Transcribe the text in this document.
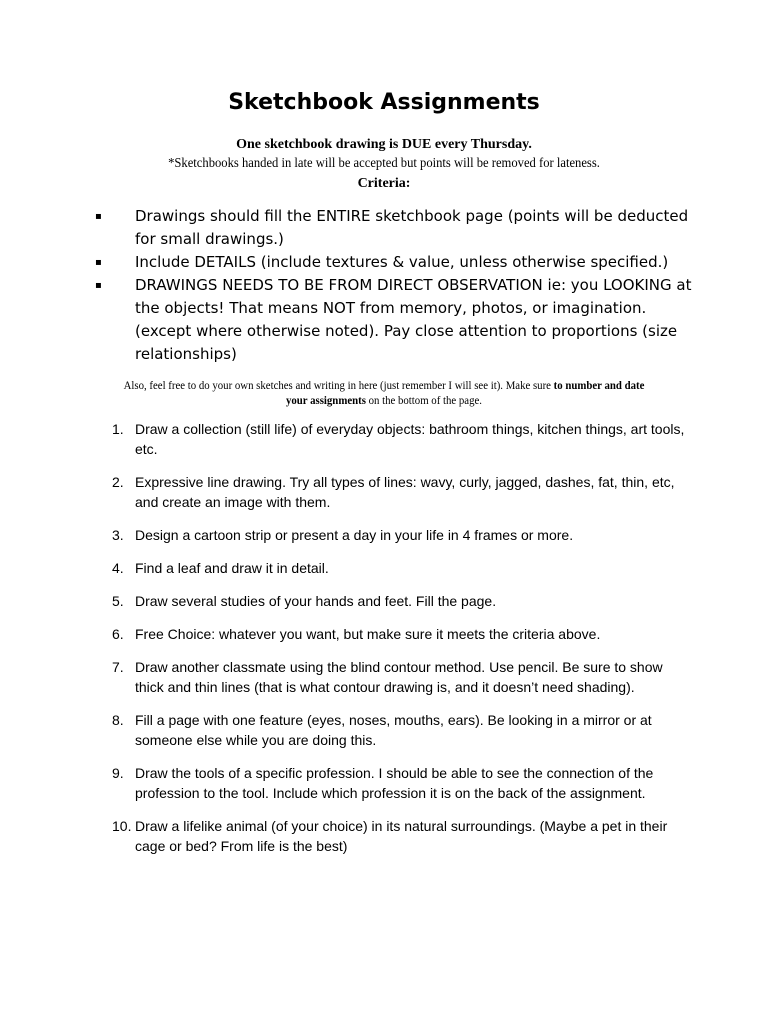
Sketchbook Assignments
One sketchbook drawing is DUE every Thursday.
*Sketchbooks handed in late will be accepted but points will be removed for lateness.
Criteria:
▪ Drawings should fill the ENTIRE sketchbook page (points will be deducted for small drawings.)
▪ Include DETAILS (include textures & value, unless otherwise specified.)
▪ DRAWINGS NEEDS TO BE FROM DIRECT OBSERVATION ie: you LOOKING at the objects! That means NOT from memory, photos, or imagination. (except where otherwise noted). Pay close attention to proportions (size relationships)
Also, feel free to do your own sketches and writing in here (just remember I will see it). Make sure to number and date your assignments on the bottom of the page.
1. Draw a collection (still life) of everyday objects: bathroom things, kitchen things, art tools, etc.
2. Expressive line drawing. Try all types of lines: wavy, curly, jagged, dashes, fat, thin, etc, and create an image with them.
3. Design a cartoon strip or present a day in your life in 4 frames or more.
4. Find a leaf and draw it in detail.
5. Draw several studies of your hands and feet. Fill the page.
6. Free Choice: whatever you want, but make sure it meets the criteria above.
7. Draw another classmate using the blind contour method. Use pencil. Be sure to show thick and thin lines (that is what contour drawing is, and it doesn’t need shading).
8. Fill a page with one feature (eyes, noses, mouths, ears). Be looking in a mirror or at someone else while you are doing this.
9. Draw the tools of a specific profession. I should be able to see the connection of the profession to the tool. Include which profession it is on the back of the assignment.
10. Draw a lifelike animal (of your choice) in its natural surroundings. (Maybe a pet in their cage or bed? From life is the best)
